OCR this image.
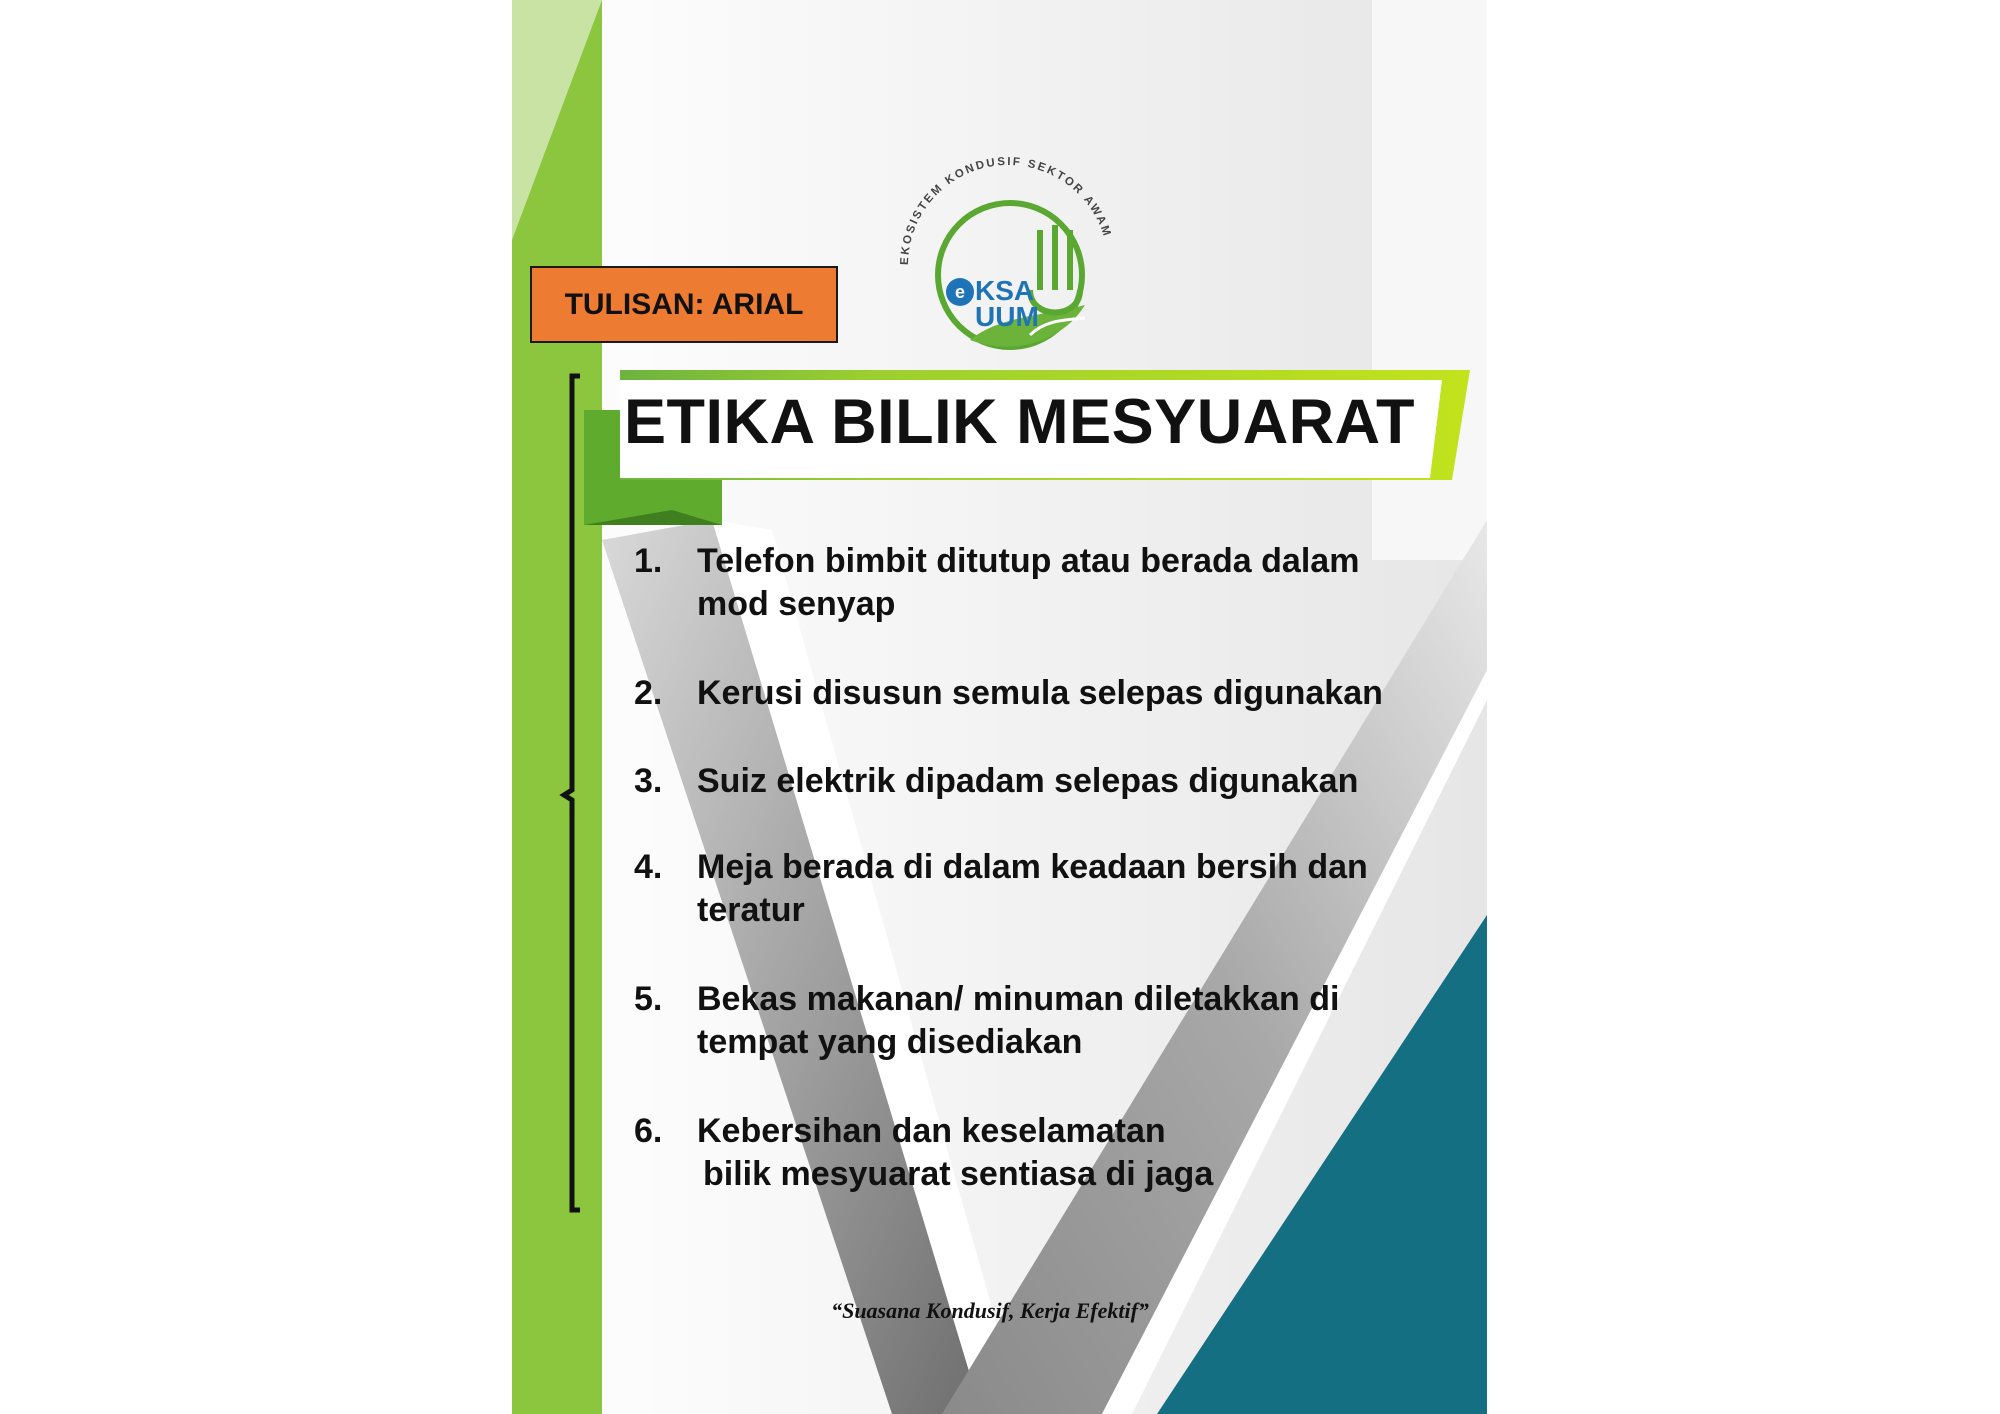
TULISAN: ARIAL
EKOSISTEM KONDUSIF SEKTOR AWAM
e KSA
UUM
ETIKA BILIK MESYUARAT
1.	Telefon bimbit ditutup atau berada dalam
mod senyap
2.	Kerusi disusun semula selepas digunakan
3.	Suiz elektrik dipadam selepas digunakan
4.	Meja berada di dalam keadaan bersih dan
teratur
5.	Bekas makanan/ minuman diletakkan di
tempat yang disediakan
6.	Kebersihan dan keselamatan
bilik mesyuarat sentiasa di jaga
“Suasana Kondusif, Kerja Efektif”
